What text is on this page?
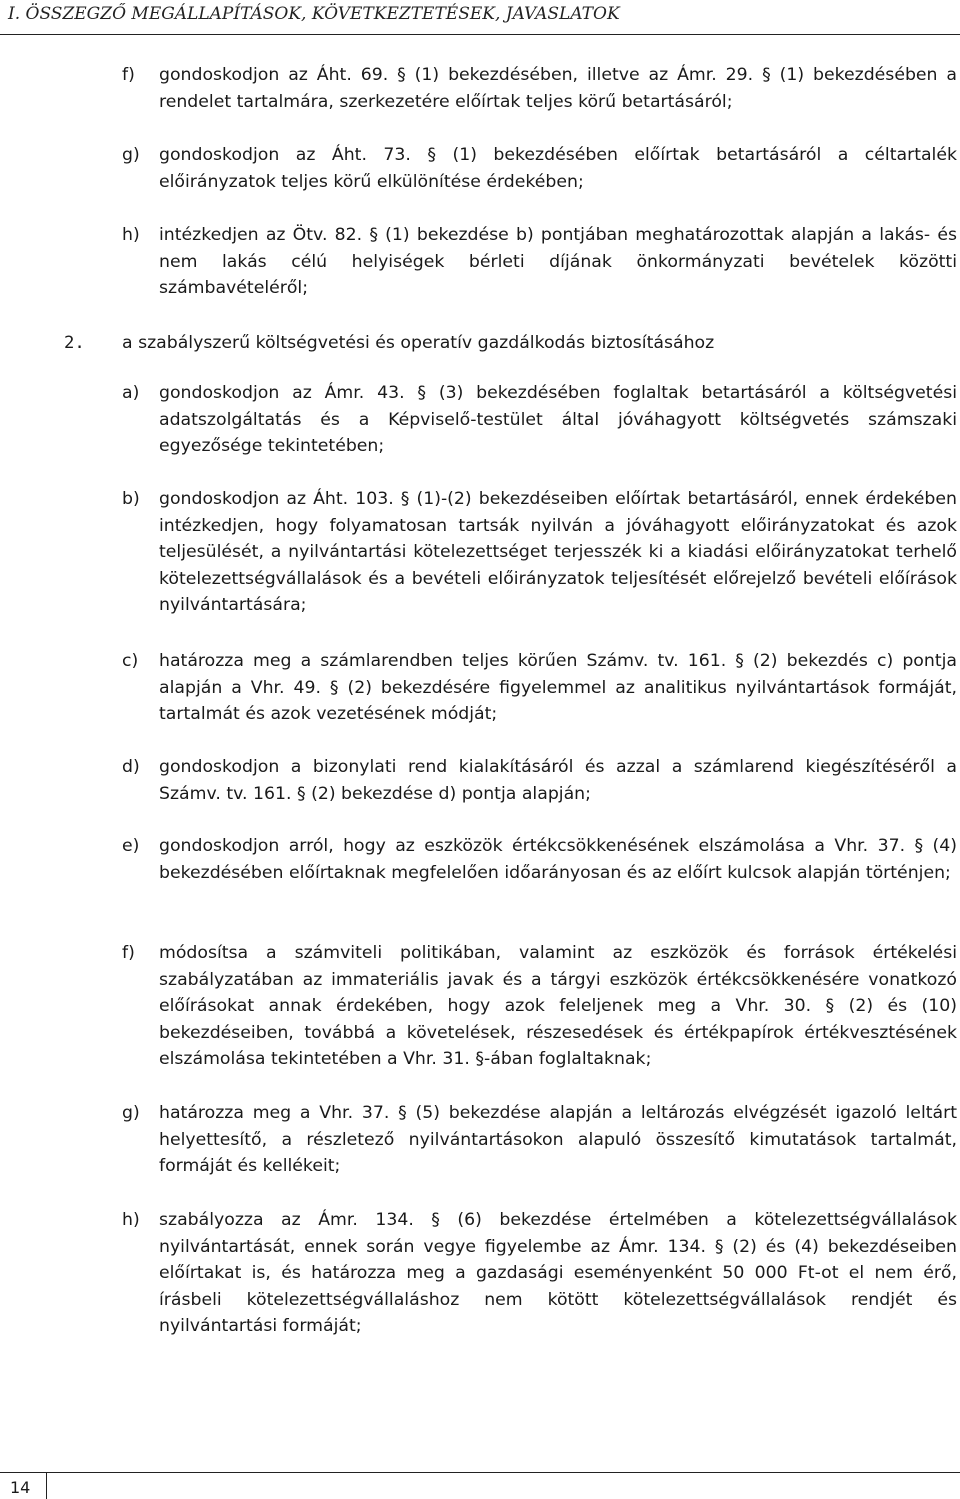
I. ÖSSZEGZŐ MEGÁLLAPÍTÁSOK, KÖVETKEZTETÉSEK, JAVASLATOK
f) gondoskodjon az Áht. 69. § (1) bekezdésében, illetve az Ámr. 29. § (1) bekezdésében a rendelet tartalmára, szerkezetére előírtak teljes körű betartásáról;
g) gondoskodjon az Áht. 73. § (1) bekezdésében előírtak betartásáról a céltartalék előirányzatok teljes körű elkülönítése érdekében;
h) intézkedjen az Ötv. 82. § (1) bekezdése b) pontjában meghatározottak alapján a lakás- és nem lakás célú helyiségek bérleti díjának önkormányzati bevételek közötti számbavételéről;
2. a szabályszerű költségvetési és operatív gazdálkodás biztosításához
a) gondoskodjon az Ámr. 43. § (3) bekezdésében foglaltak betartásáról a költségvetési adatszolgáltatás és a Képviselő-testület által jóváhagyott költségvetés számszaki egyezősége tekintetében;
b) gondoskodjon az Áht. 103. § (1)-(2) bekezdéseiben előírtak betartásáról, ennek érdekében intézkedjen, hogy folyamatosan tartsák nyilván a jóváhagyott előirányzatokat és azok teljesülését, a nyilvántartási kötelezettséget terjesszék ki a kiadási előirányzatokat terhelő kötelezettségvállalások és a bevételi előirányzatok teljesítését előrejelző bevételi előírások nyilvántartására;
c) határozza meg a számlarendben teljes körűen Számv. tv. 161. § (2) bekezdés c) pontja alapján a Vhr. 49. § (2) bekezdésére figyelemmel az analitikus nyilvántartások formáját, tartalmát és azok vezetésének módját;
d) gondoskodjon a bizonylati rend kialakításáról és azzal a számlarend kiegészítéséről a Számv. tv. 161. § (2) bekezdése d) pontja alapján;
e) gondoskodjon arról, hogy az eszközök értékcsökkenésének elszámolása a Vhr. 37. § (4) bekezdésében előírtaknak megfelelően időarányosan és az előírt kulcsok alapján történjen;
f) módosítsa a számviteli politikában, valamint az eszközök és források értékelési szabályzatában az immateriális javak és a tárgyi eszközök értékcsökkenésére vonatkozó előírásokat annak érdekében, hogy azok feleljenek meg a Vhr. 30. § (2) és (10) bekezdéseiben, továbbá a követelések, részesedések és értékpapírok értékvesztésének elszámolása tekintetében a Vhr. 31. §-ában foglaltaknak;
g) határozza meg a Vhr. 37. § (5) bekezdése alapján a leltározás elvégzését igazoló leltárt helyettesítő, a részletező nyilvántartásokon alapuló összesítő kimutatások tartalmát, formáját és kellékeit;
h) szabályozza az Ámr. 134. § (6) bekezdése értelmében a kötelezettségvállalások nyilvántartását, ennek során vegye figyelembe az Ámr. 134. § (2) és (4) bekezdéseiben előírtakat is, és határozza meg a gazdasági eseményenként 50 000 Ft-ot el nem érő, írásbeli kötelezettségvállaláshoz nem kötött kötelezettségvállalások rendjét és nyilvántartási formáját;
14
